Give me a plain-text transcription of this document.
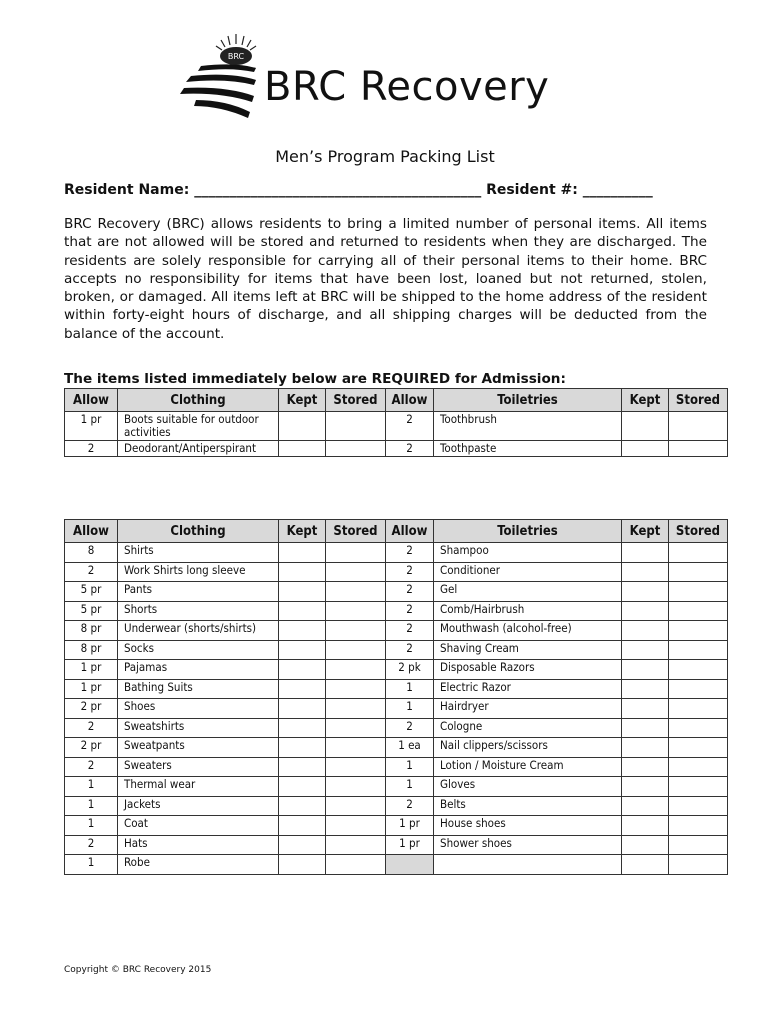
BRC
BRC Recovery
Men’s Program Packing List
Resident Name: _________________________________________ Resident #: __________
BRC Recovery (BRC) allows residents to bring a limited number of personal items. All items that are not allowed will be stored and returned to residents when they are discharged. The residents are solely responsible for carrying all of their personal items to their home. BRC accepts no responsibility for items that have been lost, loaned but not returned, stolen, broken, or damaged. All items left at BRC will be shipped to the home address of the resident within forty-eight hours of discharge, and all shipping charges will be deducted from the balance of the account.
The items listed immediately below are REQUIRED for Admission:
Allow	Clothing	Kept	Stored	Allow	Toiletries	Kept	Stored
1 pr	Boots suitable for outdoor activities			2	Toothbrush		
2	Deodorant/Antiperspirant			2	Toothpaste		
Allow	Clothing	Kept	Stored	Allow	Toiletries	Kept	Stored
8	Shirts			2	Shampoo		
2	Work Shirts long sleeve			2	Conditioner		
5 pr	Pants			2	Gel		
5 pr	Shorts			2	Comb/Hairbrush		
8 pr	Underwear (shorts/shirts)			2	Mouthwash (alcohol-free)		
8 pr	Socks			2	Shaving Cream		
1 pr	Pajamas			2 pk	Disposable Razors		
1 pr	Bathing Suits			1	Electric Razor		
2 pr	Shoes			1	Hairdryer		
2	Sweatshirts			2	Cologne		
2 pr	Sweatpants			1 ea	Nail clippers/scissors		
2	Sweaters			1	Lotion / Moisture Cream		
1	Thermal wear			1	Gloves		
1	Jackets			2	Belts		
1	Coat			1 pr	House shoes		
2	Hats			1 pr	Shower shoes		
1	Robe						
Copyright © BRC Recovery 2015
